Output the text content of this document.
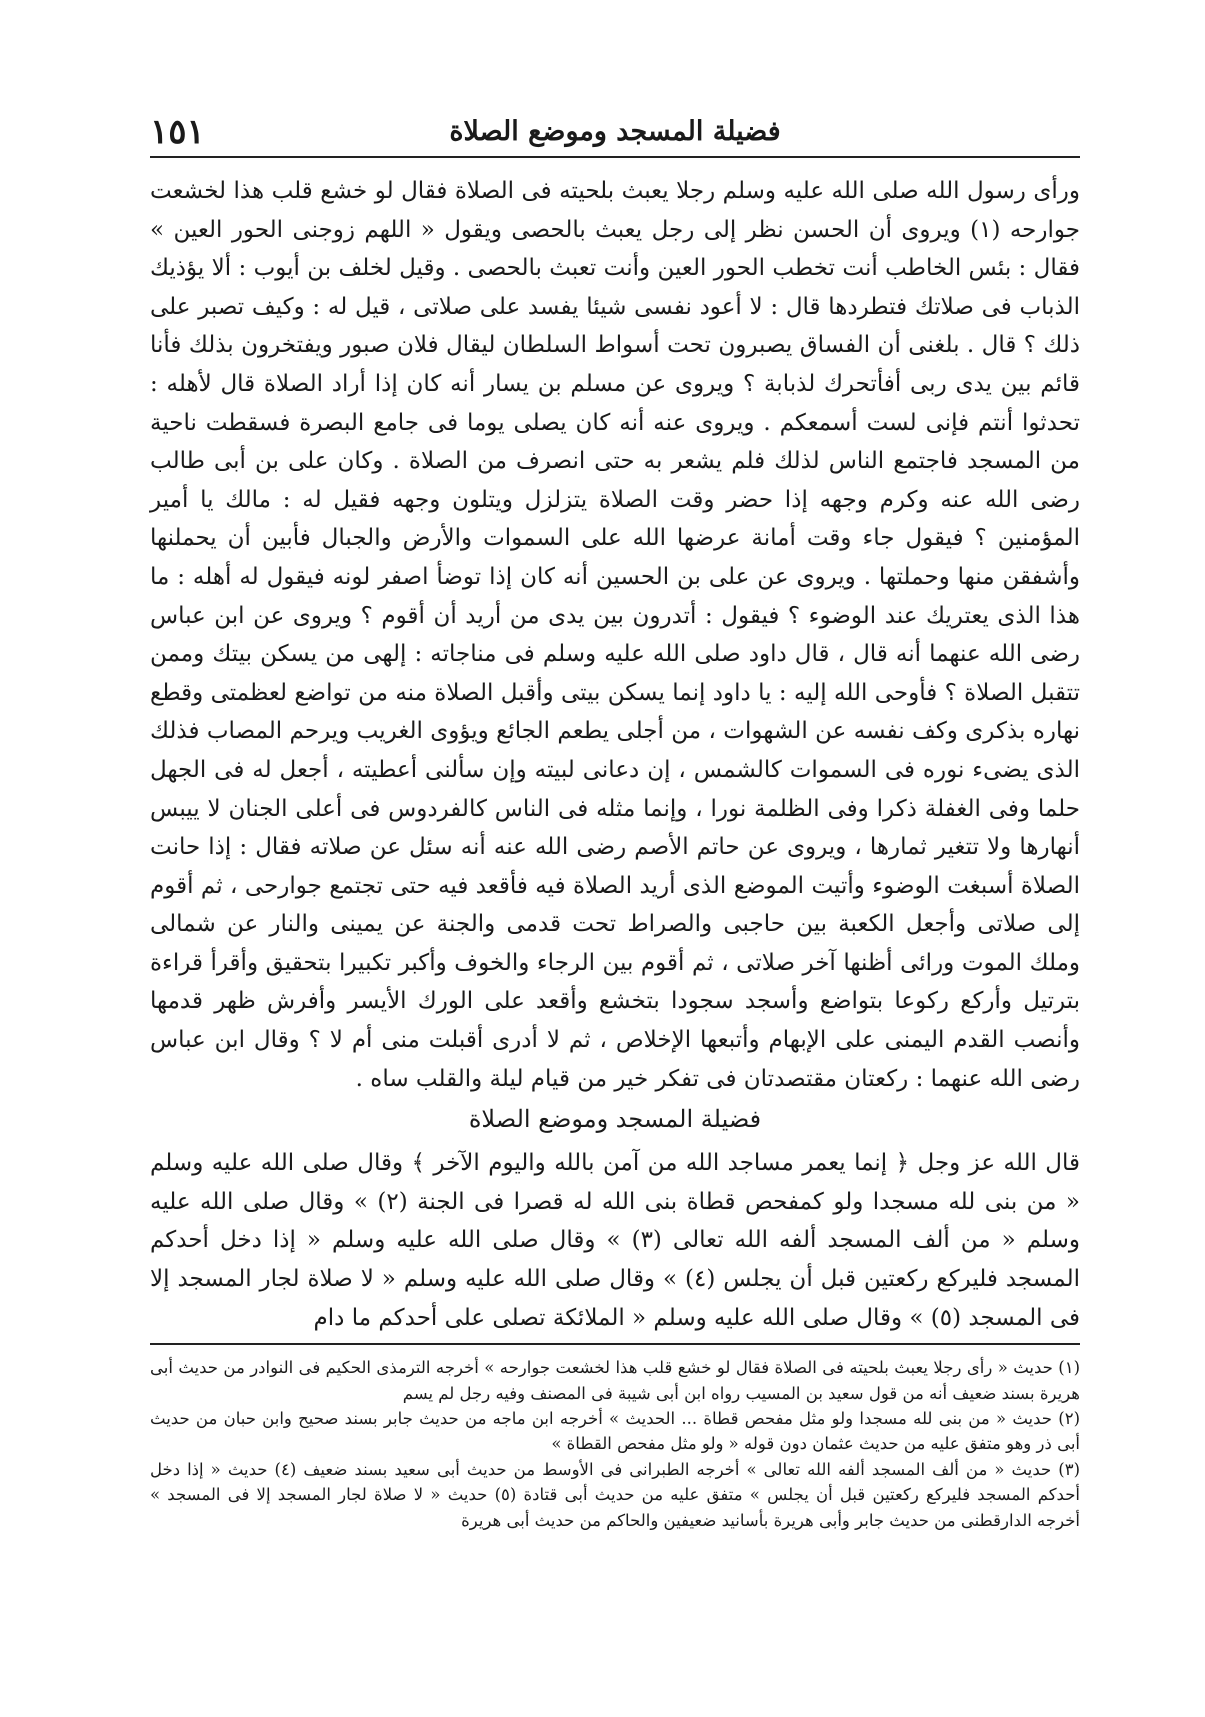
١٥١	فضيلة المسجد وموضع الصلاة

ورأى رسول الله صلى الله عليه وسلم رجلا يعبث بلحيته فى الصلاة فقال لو خشع قلب هذا لخشعت جوارحه (١) ويروى أن الحسن نظر إلى رجل يعبث بالحصى ويقول « اللهم زوجنى الحور العين » فقال : بئس الخاطب أنت تخطب الحور العين وأنت تعبث بالحصى . وقيل لخلف بن أيوب : ألا يؤذيك الذباب فى صلاتك فتطردها قال : لا أعود نفسى شيئا يفسد على صلاتى ، قيل له : وكيف تصبر على ذلك ؟ قال . بلغنى أن الفساق يصبرون تحت أسواط السلطان ليقال فلان صبور ويفتخرون بذلك فأنا قائم بين يدى ربى أفأتحرك لذبابة ؟ ويروى عن مسلم بن يسار أنه كان إذا أراد الصلاة قال لأهله : تحدثوا أنتم فإنى لست أسمعكم . ويروى عنه أنه كان يصلى يوما فى جامع البصرة فسقطت ناحية من المسجد فاجتمع الناس لذلك فلم يشعر به حتى انصرف من الصلاة . وكان على بن أبى طالب رضى الله عنه وكرم وجهه إذا حضر وقت الصلاة يتزلزل ويتلون وجهه فقيل له : مالك يا أمير المؤمنين ؟ فيقول جاء وقت أمانة عرضها الله على السموات والأرض والجبال فأبين أن يحملنها وأشفقن منها وحملتها . ويروى عن على بن الحسين أنه كان إذا توضأ اصفر لونه فيقول له أهله : ما هذا الذى يعتريك عند الوضوء ؟ فيقول : أتدرون بين يدى من أريد أن أقوم ؟ ويروى عن ابن عباس رضى الله عنهما أنه قال ، قال داود صلى الله عليه وسلم فى مناجاته : إلهى من يسكن بيتك وممن تتقبل الصلاة ؟ فأوحى الله إليه : يا داود إنما يسكن بيتى وأقبل الصلاة منه من تواضع لعظمتى وقطع نهاره بذكرى وكف نفسه عن الشهوات ، من أجلى يطعم الجائع ويؤوى الغريب ويرحم المصاب فذلك الذى يضىء نوره فى السموات كالشمس ، إن دعانى لبيته وإن سألنى أعطيته ، أجعل له فى الجهل حلما وفى الغفلة ذكرا وفى الظلمة نورا ، وإنما مثله فى الناس كالفردوس فى أعلى الجنان لا ييبس أنهارها ولا تتغير ثمارها ، ويروى عن حاتم الأصم رضى الله عنه أنه سئل عن صلاته فقال : إذا حانت الصلاة أسبغت الوضوء وأتيت الموضع الذى أريد الصلاة فيه فأقعد فيه حتى تجتمع جوارحى ، ثم أقوم إلى صلاتى وأجعل الكعبة بين حاجبى والصراط تحت قدمى والجنة عن يمينى والنار عن شمالى وملك الموت ورائى أظنها آخر صلاتى ، ثم أقوم بين الرجاء والخوف وأكبر تكبيرا بتحقيق وأقرأ قراءة بترتيل وأركع ركوعا بتواضع وأسجد سجودا بتخشع وأقعد على الورك الأيسر وأفرش ظهر قدمها وأنصب القدم اليمنى على الإبهام وأتبعها الإخلاص ، ثم لا أدرى أقبلت منى أم لا ؟ وقال ابن عباس رضى الله عنهما : ركعتان مقتصدتان فى تفكر خير من قيام ليلة والقلب ساه .

فضيلة المسجد وموضع الصلاة

قال الله عز وجل ﴿ إنما يعمر مساجد الله من آمن بالله واليوم الآخر ﴾ وقال صلى الله عليه وسلم « من بنى لله مسجدا ولو كمفحص قطاة بنى الله له قصرا فى الجنة (٢) » وقال صلى الله عليه وسلم « من ألف المسجد ألفه الله تعالى (٣) » وقال صلى الله عليه وسلم « إذا دخل أحدكم المسجد فليركع ركعتين قبل أن يجلس (٤) » وقال صلى الله عليه وسلم « لا صلاة لجار المسجد إلا فى المسجد (٥) » وقال صلى الله عليه وسلم « الملائكة تصلى على أحدكم ما دام

(١) حديث « رأى رجلا يعبث بلحيته فى الصلاة فقال لو خشع قلب هذا لخشعت جوارحه » أخرجه الترمذى الحكيم فى النوادر من حديث أبى هريرة بسند ضعيف أنه من قول سعيد بن المسيب رواه ابن أبى شيبة فى المصنف وفيه رجل لم يسم

(٢) حديث « من بنى لله مسجدا ولو مثل مفحص قطاة ... الحديث » أخرجه ابن ماجه من حديث جابر بسند صحيح وابن حبان من حديث أبى ذر وهو متفق عليه من حديث عثمان دون قوله « ولو مثل مفحص القطاة »

(٣) حديث « من ألف المسجد ألفه الله تعالى » أخرجه الطبرانى فى الأوسط من حديث أبى سعيد بسند ضعيف (٤) حديث « إذا دخل أحدكم المسجد فليركع ركعتين قبل أن يجلس » متفق عليه من حديث أبى قتادة (٥) حديث « لا صلاة لجار المسجد إلا فى المسجد » أخرجه الدارقطنى من حديث جابر وأبى هريرة بأسانيد ضعيفين والحاكم من حديث أبى هريرة
